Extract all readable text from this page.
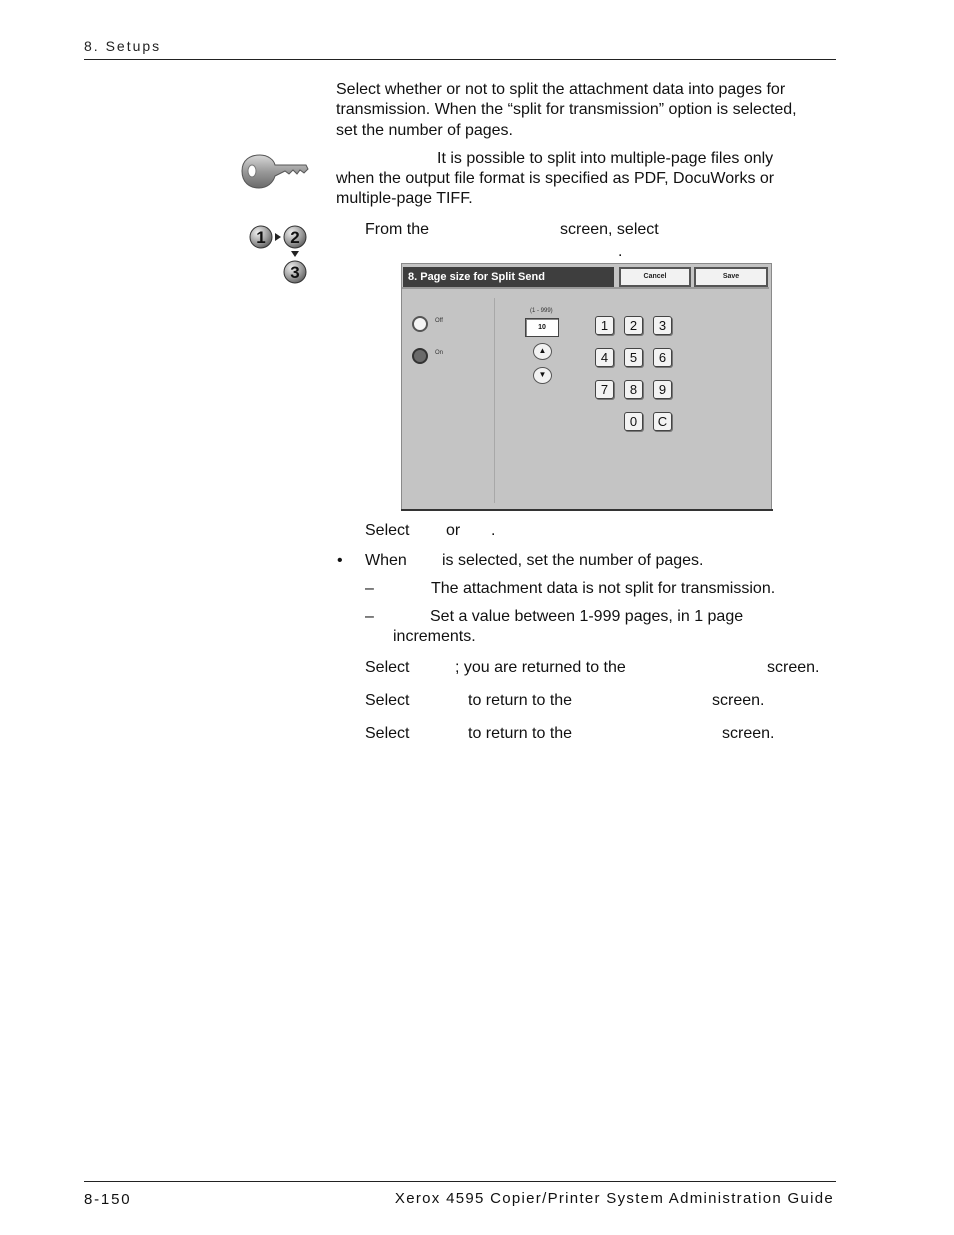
8. Setups
Select whether or not to split the attachment data into pages for
transmission. When the “split for transmission” option is selected,
set the number of pages.
It is possible to split into multiple-page files only
when the output file format is specified as PDF, DocuWorks or
multiple-page TIFF.
1 2
3
From the	screen, select
.
8. Page size for Split Send	Cancel	Save
Off
On
(1 - 999)
10
▲
▼
1	2	3
4	5	6
7	8	9
0	C
Select or .
• When is selected, set the number of pages.
–	The attachment data is not split for transmission.
–	Set a value between 1-999 pages, in 1 page
increments.
Select	; you are returned to the	screen.
Select	to return to the	screen.
Select	to return to the	screen.
8-150	Xerox 4595 Copier/Printer System Administration Guide
